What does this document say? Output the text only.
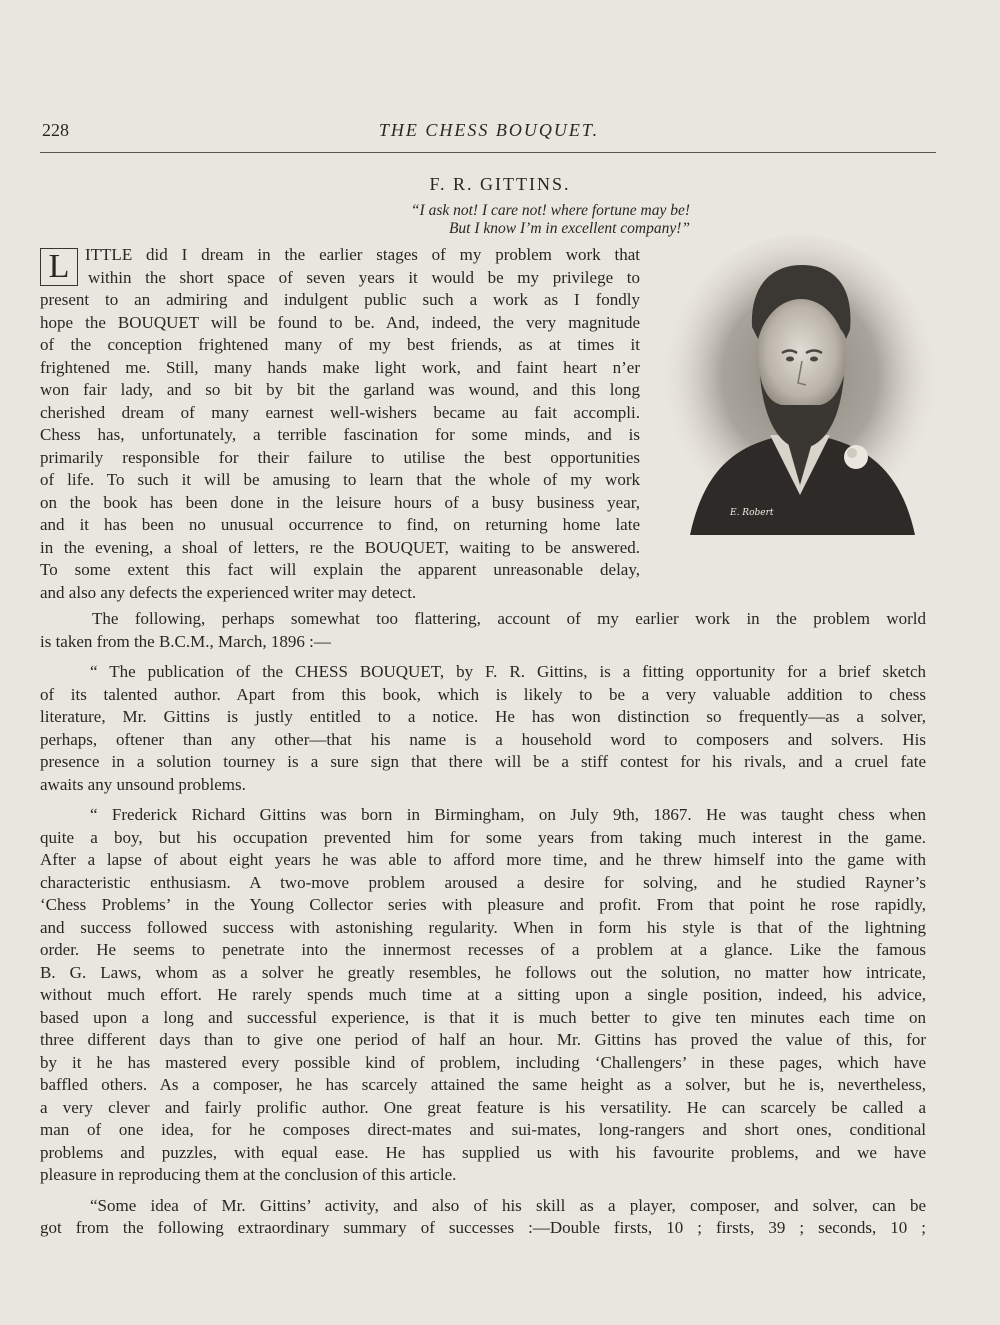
228	THE CHESS BOUQUET.
F. R. GITTINS.
“I ask not! I care not! where fortune may be!
But I know I’m in excellent company!”
L ITTLE did I dream in the earlier stages of my problem work that
within the short space of seven years it would be my privilege to
present to an admiring and indulgent public such a work as I fondly
hope the BOUQUET will be found to be. And, indeed, the very magnitude
of the conception frightened many of my best friends, as at times it
frightened me. Still, many hands make light work, and faint heart n’er
won fair lady, and so bit by bit the garland was wound, and this long
cherished dream of many earnest well-wishers became au fait accompli.
Chess has, unfortunately, a terrible fascination for some minds, and is
primarily responsible for their failure to utilise the best opportunities
of life. To such it will be amusing to learn that the whole of my work
on the book has been done in the leisure hours of a busy business year,
and it has been no unusual occurrence to find, on returning home late
in the evening, a shoal of letters, re the BOUQUET, waiting to be answered.
To some extent this fact will explain the apparent unreasonable delay,
and also any defects the experienced writer may detect.
E. Robert
The following, perhaps somewhat too flattering, account of my earlier work in the problem world
is taken from the B.C.M., March, 1896 :—
“ The publication of the CHESS BOUQUET, by F. R. Gittins, is a fitting opportunity for a brief sketch
of its talented author. Apart from this book, which is likely to be a very valuable addition to chess
literature, Mr. Gittins is justly entitled to a notice. He has won distinction so frequently—as a solver,
perhaps, oftener than any other—that his name is a household word to composers and solvers. His
presence in a solution tourney is a sure sign that there will be a stiff contest for his rivals, and a cruel fate
awaits any unsound problems.
“ Frederick Richard Gittins was born in Birmingham, on July 9th, 1867. He was taught chess when
quite a boy, but his occupation prevented him for some years from taking much interest in the game.
After a lapse of about eight years he was able to afford more time, and he threw himself into the game with
characteristic enthusiasm. A two-move problem aroused a desire for solving, and he studied Rayner’s
‘Chess Problems’ in the Young Collector series with pleasure and profit. From that point he rose rapidly,
and success followed success with astonishing regularity. When in form his style is that of the lightning
order. He seems to penetrate into the innermost recesses of a problem at a glance. Like the famous
B. G. Laws, whom as a solver he greatly resembles, he follows out the solution, no matter how intricate,
without much effort. He rarely spends much time at a sitting upon a single position, indeed, his advice,
based upon a long and successful experience, is that it is much better to give ten minutes each time on
three different days than to give one period of half an hour. Mr. Gittins has proved the value of this, for
by it he has mastered every possible kind of problem, including ‘Challengers’ in these pages, which have
baffled others. As a composer, he has scarcely attained the same height as a solver, but he is, nevertheless,
a very clever and fairly prolific author. One great feature is his versatility. He can scarcely be called a
man of one idea, for he composes direct-mates and sui-mates, long-rangers and short ones, conditional
problems and puzzles, with equal ease. He has supplied us with his favourite problems, and we have
pleasure in reproducing them at the conclusion of this article.
“Some idea of Mr. Gittins’ activity, and also of his skill as a player, composer, and solver, can be
got from the following extraordinary summary of successes :—Double firsts, 10 ; firsts, 39 ; seconds, 10 ;
